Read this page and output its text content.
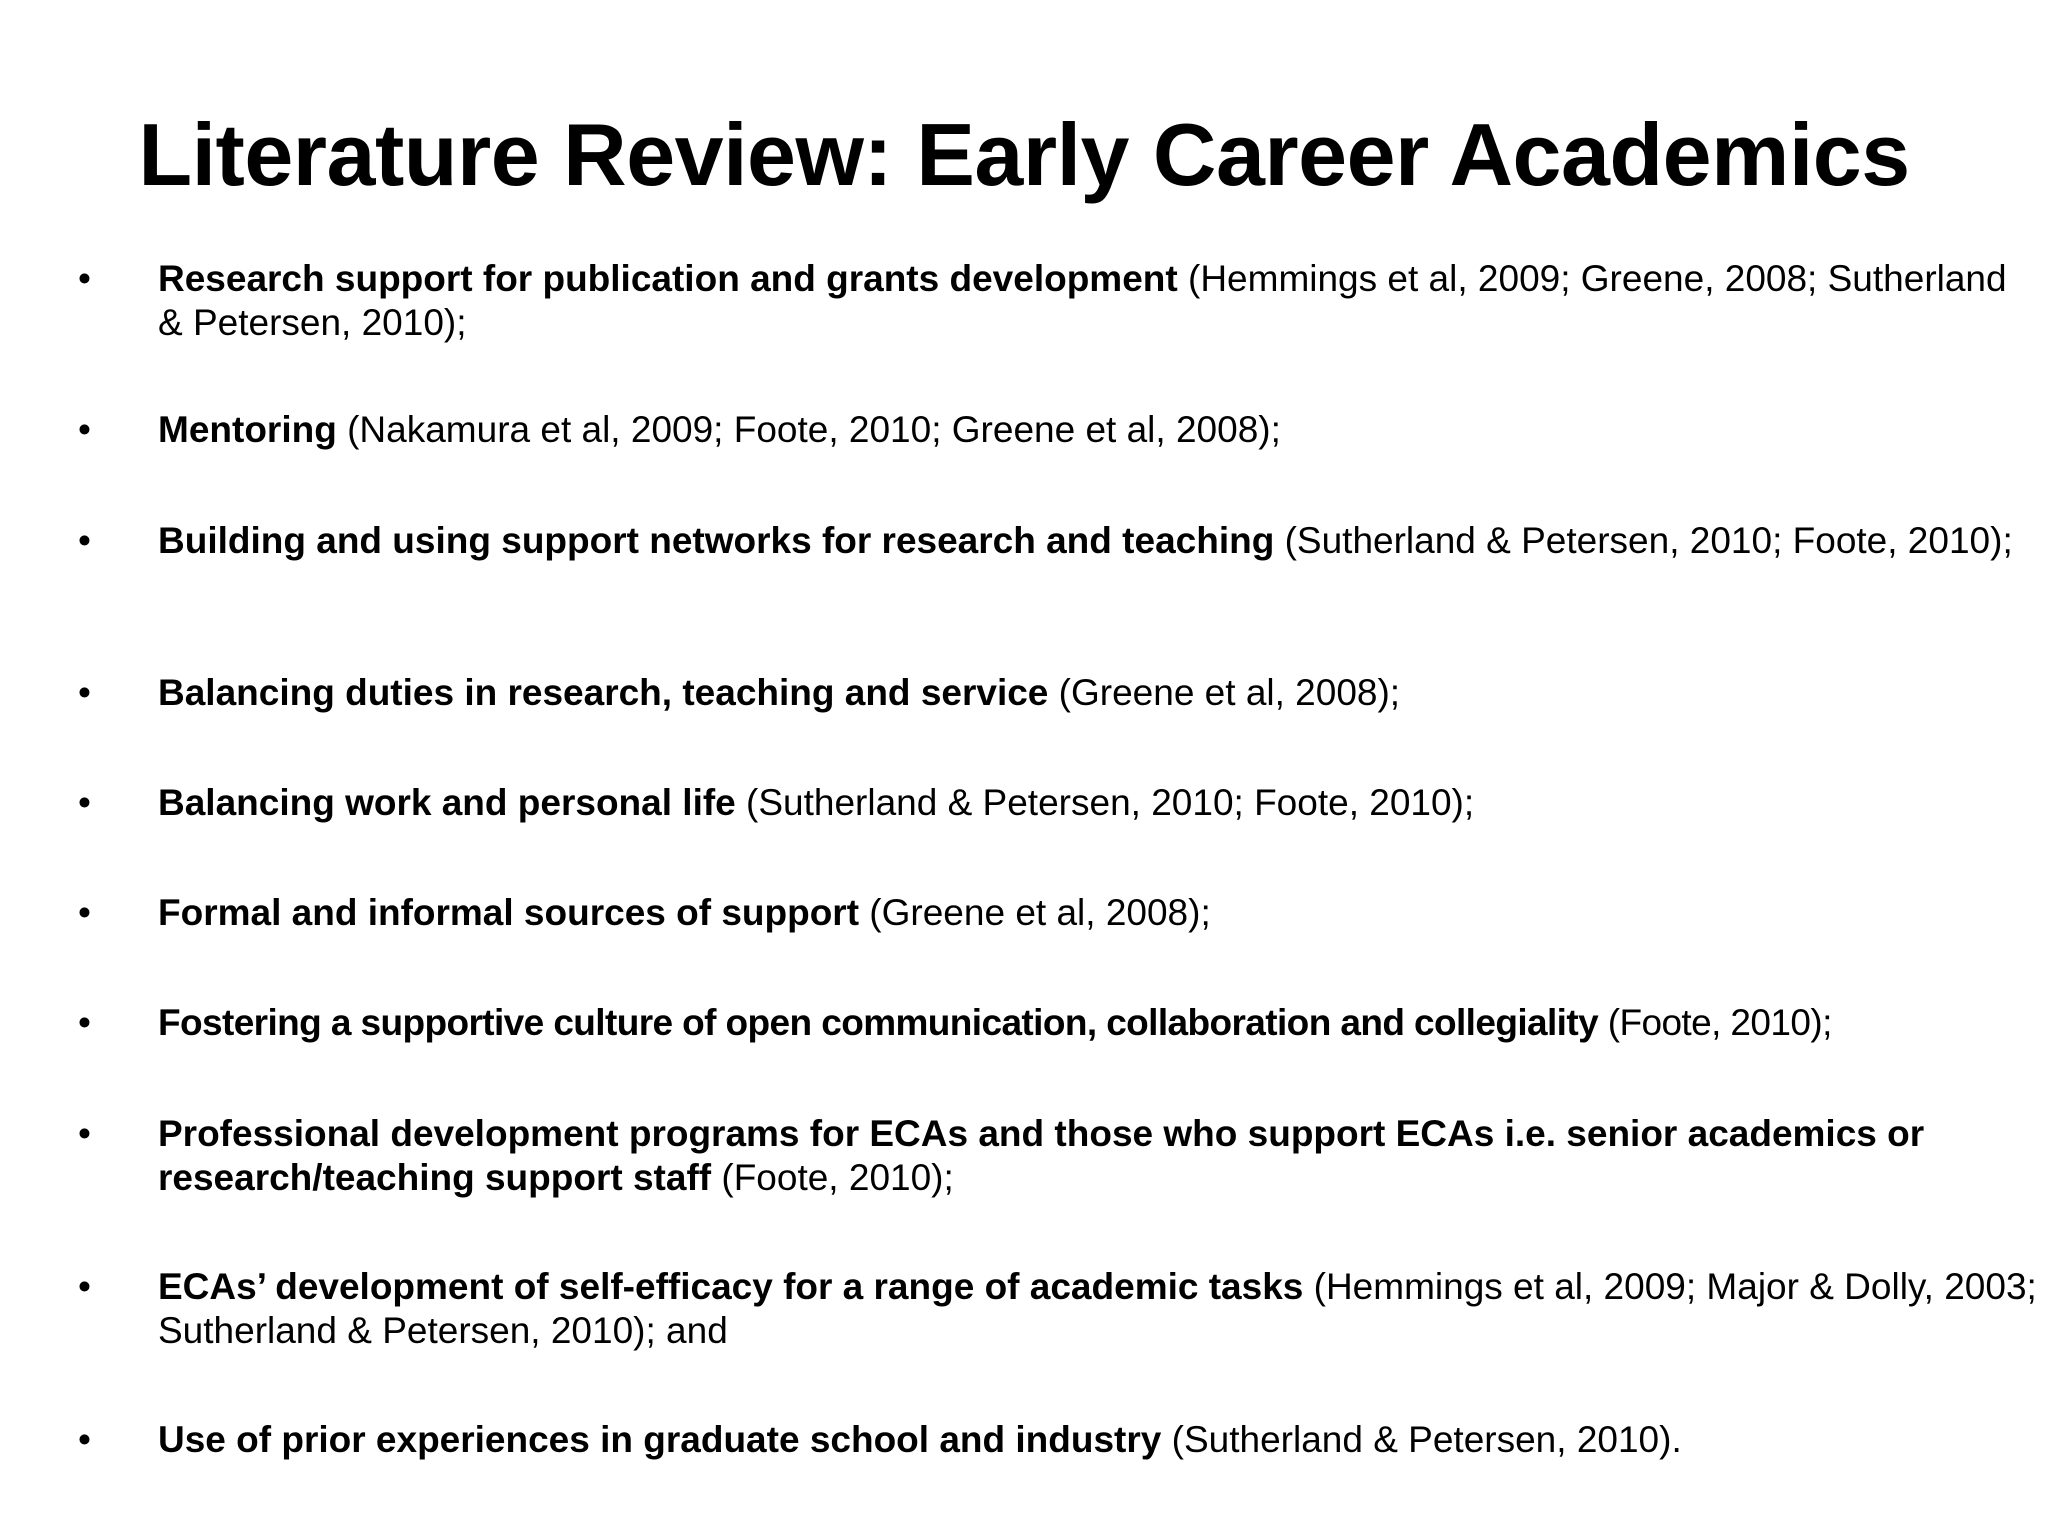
Literature Review: Early Career Academics
• Research support for publication and grants development (Hemmings et al, 2009; Greene, 2008; Sutherland & Petersen, 2010);
• Mentoring (Nakamura et al, 2009; Foote, 2010; Greene et al, 2008);
• Building and using support networks for research and teaching (Sutherland & Petersen, 2010; Foote, 2010);
• Balancing duties in research, teaching and service (Greene et al, 2008);
• Balancing work and personal life (Sutherland & Petersen, 2010; Foote, 2010);
• Formal and informal sources of support (Greene et al, 2008);
• Fostering a supportive culture of open communication, collaboration and collegiality (Foote, 2010);
• Professional development programs for ECAs and those who support ECAs i.e. senior academics or research/teaching support staff (Foote, 2010);
• ECAs’ development of self-efficacy for a range of academic tasks (Hemmings et al, 2009; Major & Dolly, 2003; Sutherland & Petersen, 2010); and
• Use of prior experiences in graduate school and industry (Sutherland & Petersen, 2010).
